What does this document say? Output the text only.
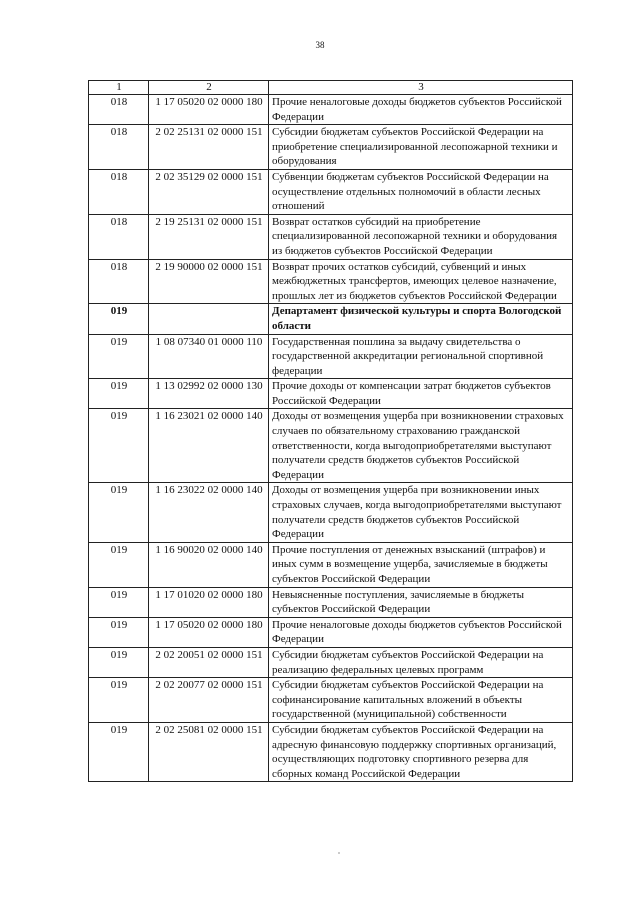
38
1	2	3
018	1 17 05020 02 0000 180	Прочие неналоговые доходы бюджетов субъектов Российской Федерации
018	2 02 25131 02 0000 151	Субсидии бюджетам субъектов Российской Федерации на приобретение специализированной лесопожарной техники и оборудования
018	2 02 35129 02 0000 151	Субвенции бюджетам субъектов Российской Федерации на осуществление отдельных полномочий в области лесных отношений
018	2 19 25131 02 0000 151	Возврат остатков субсидий на приобретение специализированной лесопожарной техники и оборудования из бюджетов субъектов Российской Федерации
018	2 19 90000 02 0000 151	Возврат прочих остатков субсидий, субвенций и иных межбюджетных трансфертов, имеющих целевое назначение, прошлых лет из бюджетов субъектов Российской Федерации
019		Департамент физической культуры и спорта Вологодской области
019	1 08 07340 01 0000 110	Государственная пошлина за выдачу свидетельства о государственной аккредитации региональной спортивной федерации
019	1 13 02992 02 0000 130	Прочие доходы от компенсации затрат бюджетов субъектов Российской Федерации
019	1 16 23021 02 0000 140	Доходы от возмещения ущерба при возникновении страховых случаев по обязательному страхованию гражданской ответственности, когда выгодоприобретателями выступают получатели средств бюджетов субъектов Российской Федерации
019	1 16 23022 02 0000 140	Доходы от возмещения ущерба при возникновении иных страховых случаев, когда выгодоприобретателями выступают получатели средств бюджетов субъектов Российской Федерации
019	1 16 90020 02 0000 140	Прочие поступления от денежных взысканий (штрафов) и иных сумм в возмещение ущерба, зачисляемые в бюджеты субъектов Российской Федерации
019	1 17 01020 02 0000 180	Невыясненные поступления, зачисляемые в бюджеты субъектов Российской Федерации
019	1 17 05020 02 0000 180	Прочие неналоговые доходы бюджетов субъектов Российской Федерации
019	2 02 20051 02 0000 151	Субсидии бюджетам субъектов Российской Федерации на реализацию федеральных целевых программ
019	2 02 20077 02 0000 151	Субсидии бюджетам субъектов Российской Федерации на софинансирование капитальных вложений в объекты государственной (муниципальной) собственности
019	2 02 25081 02 0000 151	Субсидии бюджетам субъектов Российской Федерации на адресную финансовую поддержку спортивных организаций, осуществляющих подготовку спортивного резерва для сборных команд Российской Федерации
